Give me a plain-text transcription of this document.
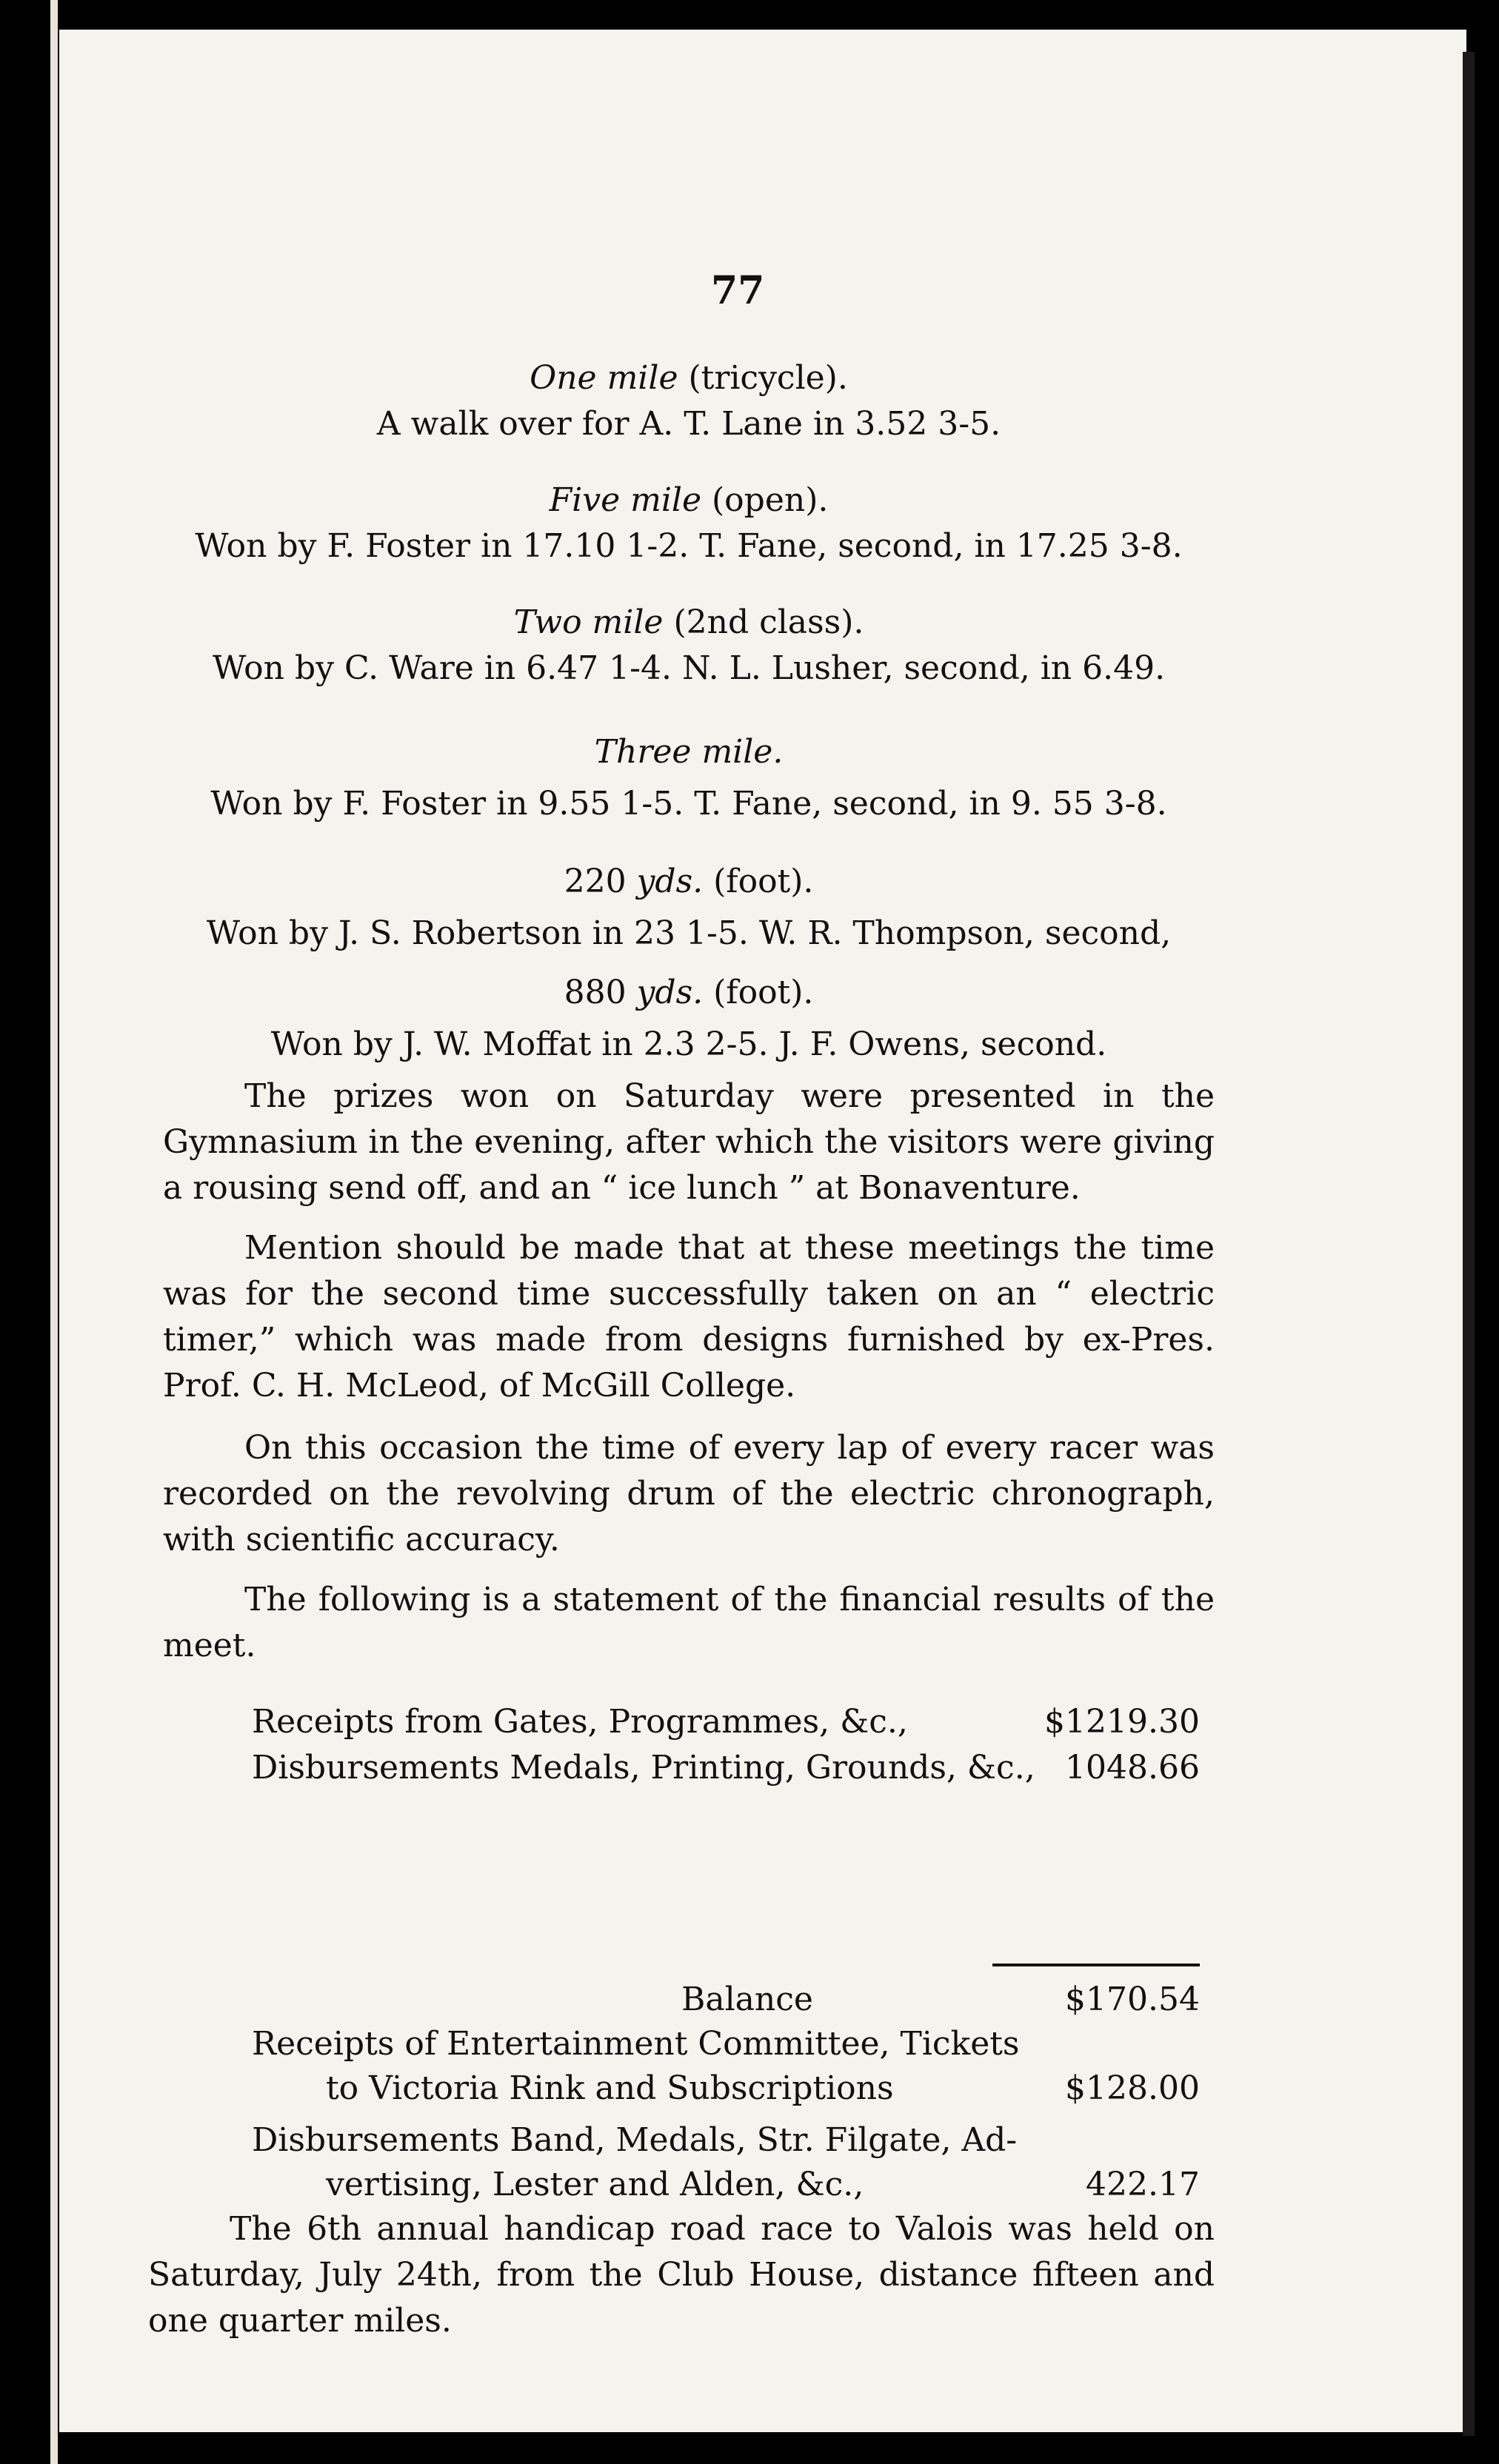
77
One mile (tricycle).
A walk over for A. T. Lane in 3.52 3-5.
Five mile (open).
Won by F. Foster in 17.10 1-2. T. Fane, second, in 17.25 3-8.
Two mile (2nd class).
Won by C. Ware in 6.47 1-4. N. L. Lusher, second, in 6.49.
Three mile.
Won by F. Foster in 9.55 1-5. T. Fane, second, in 9. 55 3-8.
220 yds. (foot).
Won by J. S. Robertson in 23 1-5. W. R. Thompson, second,
880 yds. (foot).
Won by J. W. Moffat in 2.3 2-5. J. F. Owens, second.

The prizes won on Saturday were presented in the Gymnasium in the evening, after which the visitors were giving a rousing send off, and an “ ice lunch ” at Bonaventure.

Mention should be made that at these meetings the time was for the second time successfully taken on an “ electric timer,” which was made from designs furnished by ex-Pres. Prof. C. H. McLeod, of McGill College.

On this occasion the time of every lap of every racer was recorded on the revolving drum of the electric chronograph, with scientific accuracy.

The following is a statement of the financial results of the meet.

Receipts from Gates, Programmes, &c.,	$1219.30
Disbursements Medals, Printing, Grounds, &c., 1048.66
Balance	$170.54
Receipts of Entertainment Committee, Tickets
to Victoria Rink and Subscriptions	$128.00
Disbursements Band, Medals, Str. Filgate, Ad-
vertising, Lester and Alden, &c.,	422.17

The 6th annual handicap road race to Valois was held on Saturday, July 24th, from the Club House, distance fifteen and one quarter miles.
